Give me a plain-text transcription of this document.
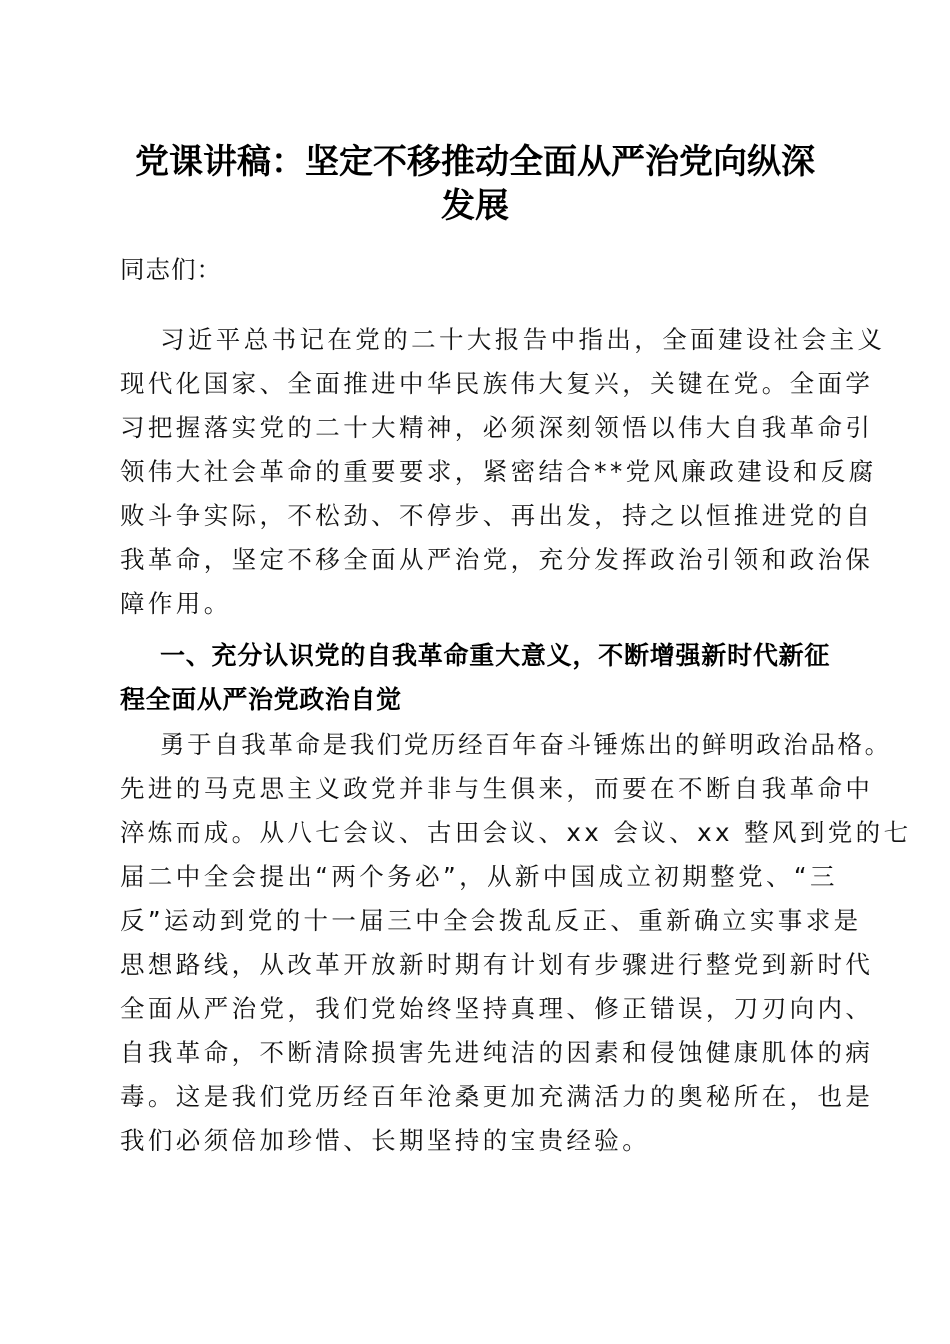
党课讲稿：坚定不移推动全面从严治党向纵深
发展
同志们：
习近平总书记在党的二十大报告中指出，全面建设社会主义
现代化国家、全面推进中华民族伟大复兴，关键在党。全面学
习把握落实党的二十大精神，必须深刻领悟以伟大自我革命引
领伟大社会革命的重要要求，紧密结合**党风廉政建设和反腐
败斗争实际，不松劲、不停步、再出发，持之以恒推进党的自
我革命，坚定不移全面从严治党，充分发挥政治引领和政治保
障作用。
一、充分认识党的自我革命重大意义，不断增强新时代新征
程全面从严治党政治自觉
勇于自我革命是我们党历经百年奋斗锤炼出的鲜明政治品格。
先进的马克思主义政党并非与生俱来，而要在不断自我革命中
淬炼而成。从八七会议、古田会议、xx 会议、xx 整风到党的七
届二中全会提出“两个务必”，从新中国成立初期整党、“三
反”运动到党的十一届三中全会拨乱反正、重新确立实事求是
思想路线，从改革开放新时期有计划有步骤进行整党到新时代
全面从严治党，我们党始终坚持真理、修正错误，刀刃向内、
自我革命，不断清除损害先进纯洁的因素和侵蚀健康肌体的病
毒。这是我们党历经百年沧桑更加充满活力的奥秘所在，也是
我们必须倍加珍惜、长期坚持的宝贵经验。
